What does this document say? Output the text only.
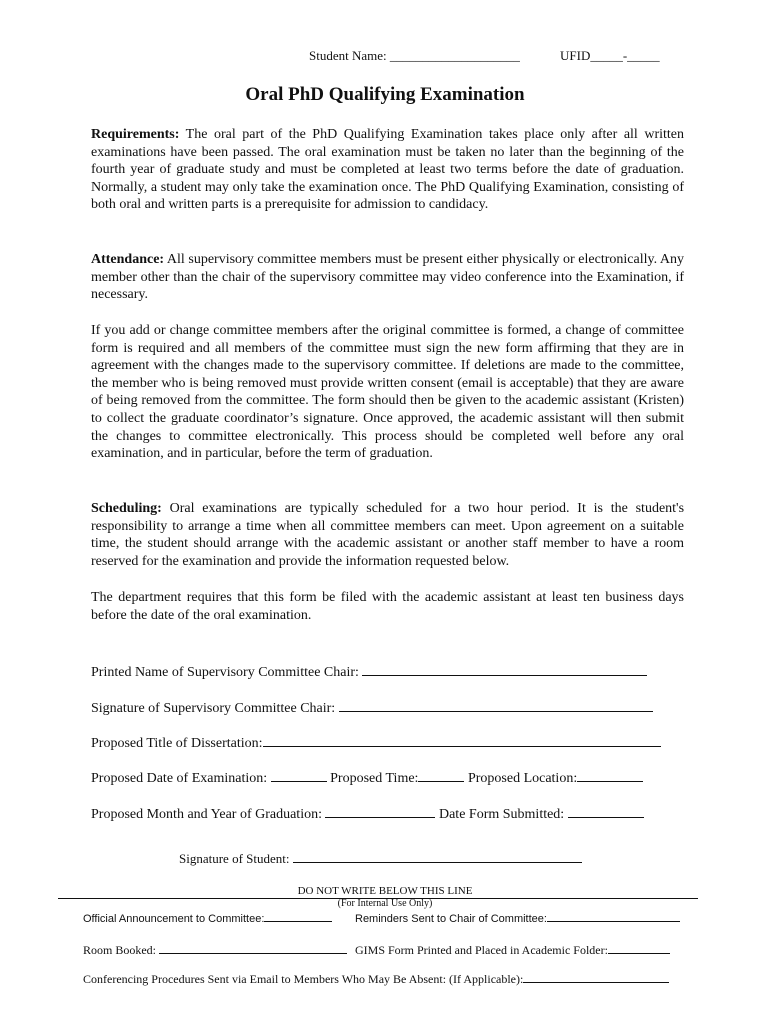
Student Name: ____________________	UFID_____-_____
Oral PhD Qualifying Examination

Requirements: The oral part of the PhD Qualifying Examination takes place only after all written examinations have been passed. The oral examination must be taken no later than the beginning of the fourth year of graduate study and must be completed at least two terms before the date of graduation. Normally, a student may only take the examination once. The PhD Qualifying Examination, consisting of both oral and written parts is a prerequisite for admission to candidacy.

Attendance: All supervisory committee members must be present either physically or electronically. Any member other than the chair of the supervisory committee may video conference into the Examination, if necessary.

If you add or change committee members after the original committee is formed, a change of committee form is required and all members of the committee must sign the new form affirming that they are in agreement with the changes made to the supervisory committee. If deletions are made to the committee, the member who is being removed must provide written consent (email is acceptable) that they are aware of being removed from the committee. The form should then be given to the academic assistant (Kristen) to collect the graduate coordinator’s signature. Once approved, the academic assistant will then submit the changes to committee electronically. This process should be completed well before any oral examination, and in particular, before the term of graduation.

Scheduling: Oral examinations are typically scheduled for a two hour period. It is the student's responsibility to arrange a time when all committee members can meet. Upon agreement on a suitable time, the student should arrange with the academic assistant or another staff member to have a room reserved for the examination and provide the information requested below.

The department requires that this form be filed with the academic assistant at least ten business days before the date of the oral examination.

Printed Name of Supervisory Committee Chair:
Signature of Supervisory Committee Chair:
Proposed Title of Dissertation:
Proposed Date of Examination:	Proposed Time:	Proposed Location:
Proposed Month and Year of Graduation:	Date Form Submitted:
Signature of Student:
DO NOT WRITE BELOW THIS LINE
(For Internal Use Only)
Official Announcement to Committee:	Reminders Sent to Chair of Committee:
Room Booked:	GIMS Form Printed and Placed in Academic Folder:
Conferencing Procedures Sent via Email to Members Who May Be Absent: (If Applicable):
